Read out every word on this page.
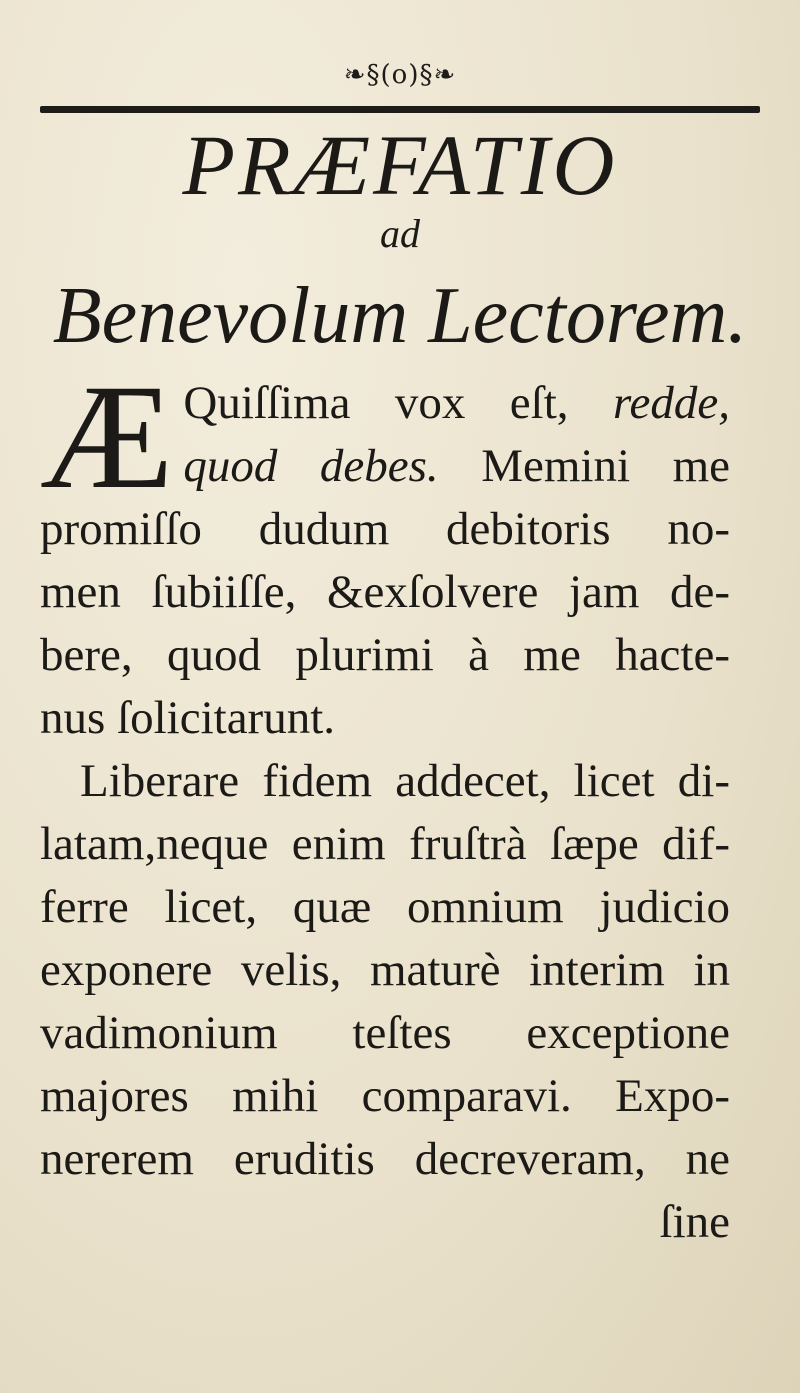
❧§(o)§❧
PRÆFATIO
ad
Benevolum Lectorem.
Æ Quiſſima vox eſt, redde,
quod debes. Memini me
promiſſo dudum debitoris no-
men ſubiiſſe, &exſolvere jam de-
bere, quod plurimi à me hacte-
nus ſolicitarunt.
Liberare fidem addecet, licet di-
latam,neque enim fruſtrà ſæpe dif-
ferre licet, quæ omnium judicio
exponere velis, maturè interim in
vadimonium teſtes exceptione
majores mihi comparavi. Expo-
nererem eruditis decreveram, ne
ſine
